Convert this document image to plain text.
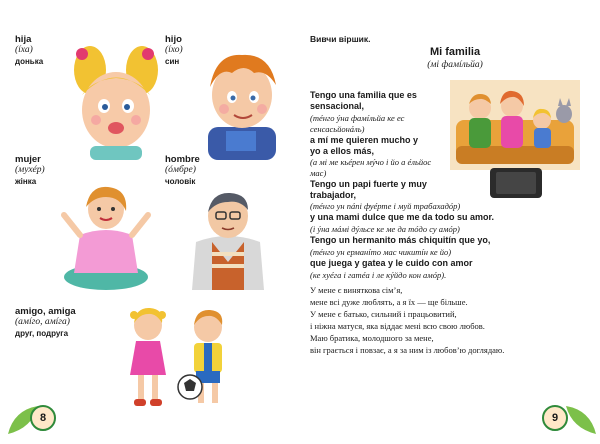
hija
(íха)
донька
hijo
(íхо)
син
mujer
(мухéр)
жінка
hombre
(óмбре)
чоловік
amigo, amiga
(амíго, амíга)
друг, подруга
8
Вивчи віршик.
Mi familia
(мі фамíльйа)
Tengo una familia que es sensacional,
(тéнго ýна фамíльйа ке ес сенсасьйонáль)
a mí me quieren mucho y yo a ellos más,
(а мі ме кьéрен мýчо і йо а éльйос мас)
Tengo un papi fuerte y muy trabajador,
(тéнго ун пáпі фуéрте і муй трабахадóр)
y una mami dulce que me da todo su amor.
(і ýна мáмі дýльсе ке ме да тóдо су амóр)
Tengo un hermanito más chiquitín que yo,
(тéнго ун ерманíто мас чикитíн ке йо)
que juega y gatea y le cuido con amor
(ке хуéга і гатéа і ле кýйдо кон амóр).
У мене є виняткова сім’я,
мене всі дуже люблять, а я їх — ще більше.
У мене є батько, сильний і працьовитий,
і ніжна матуся, яка віддає мені всю свою любов.
Маю братика, молодшого за мене,
він грається і повзає, а я за ним із любов’ю доглядаю.
9
